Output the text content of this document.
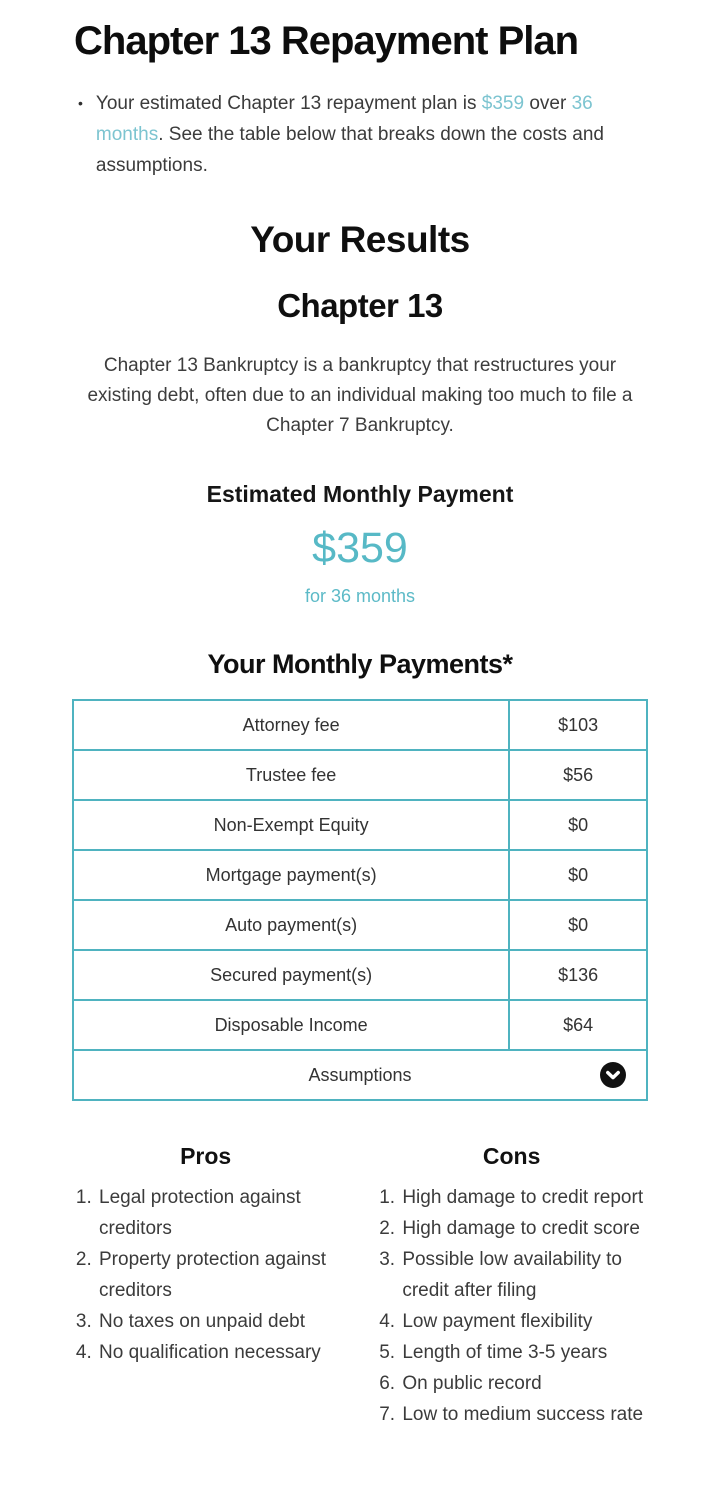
Chapter 13 Repayment Plan
• Your estimated Chapter 13 repayment plan is $359 over 36 months. See the table below that breaks down the costs and assumptions.

Your Results
Chapter 13

Chapter 13 Bankruptcy is a bankruptcy that restructures your existing debt, often due to an individual making too much to file a Chapter 7 Bankruptcy.

Estimated Monthly Payment
$359
for 36 months
Your Monthly Payments*
Attorney fee	$103
Trustee fee	$56
Non-Exempt Equity	$0
Mortgage payment(s)	$0
Auto payment(s)	$0
Secured payment(s)	$136
Disposable Income	$64
Assumptions	
Pros
1. Legal protection against creditors
2. Property protection against creditors
3. No taxes on unpaid debt
4. No qualification necessary
Cons
1. High damage to credit report
2. High damage to credit score
3. Possible low availability to credit after filing
4. Low payment flexibility
5. Length of time 3-5 years
6. On public record
7. Low to medium success rate
